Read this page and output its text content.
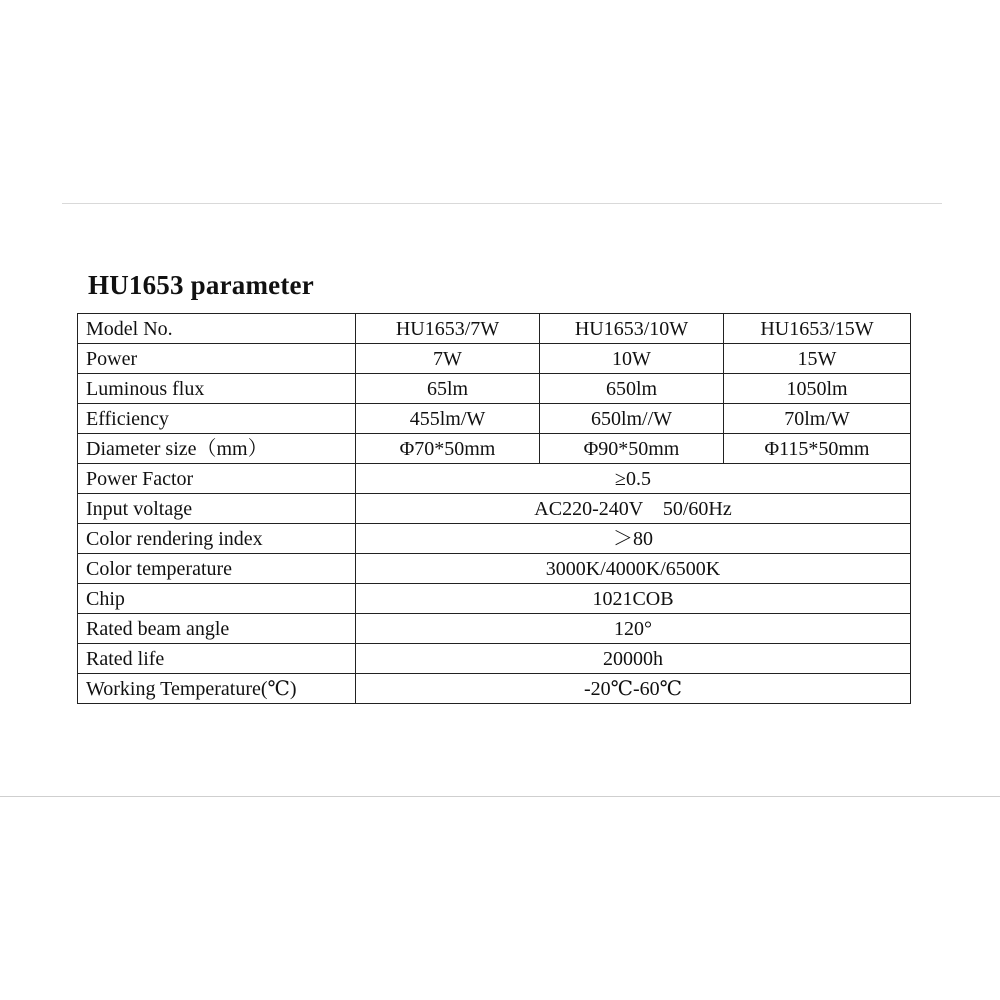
HU1653 parameter
Model No.	HU1653/7W	HU1653/10W	HU1653/15W
Power	7W	10W	15W
Luminous flux	65lm	650lm	1050lm
Efficiency	455lm/W	650lm//W	70lm/W
Diameter size（mm）	Φ70*50mm	Φ90*50mm	Φ115*50mm
Power Factor	≥0.5		
Input voltage	AC220-240V    50/60Hz		
Color rendering index	＞80		
Color temperature	3000K/4000K/6500K		
Chip	1021COB		
Rated beam angle	120°		
Rated life	20000h		
Working Temperature(℃)	-20℃-60℃		
